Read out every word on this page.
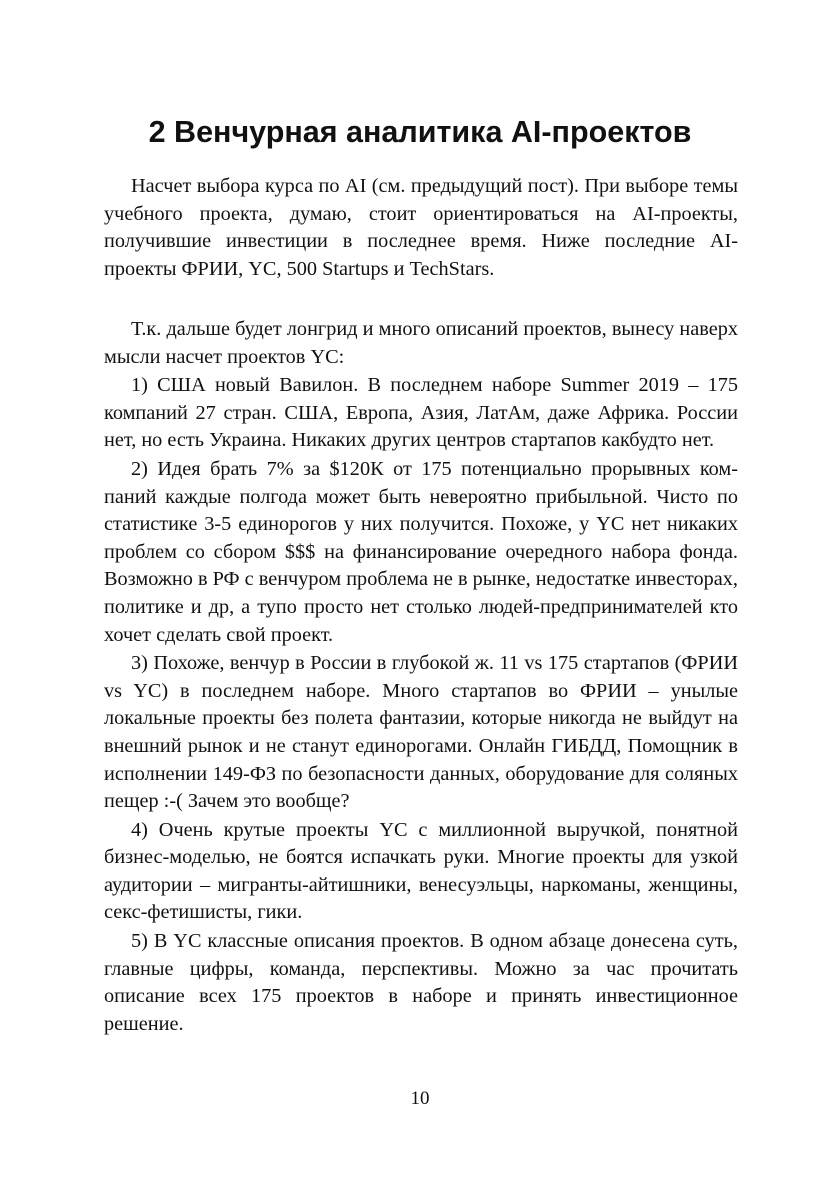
2 Венчурная аналитика AI-проектов

Насчет выбора курса по AI (см. предыдущий пост). При выборе темы учебного проекта, думаю, стоит ориентироваться на AI-проекты, получившие инвестиции в последнее время. Ниже последние AI-проекты ФРИИ, YC, 500 Startups и TechStars.

Т.к. дальше будет лонгрид и много описаний проектов, вынесу наверх мысли насчет проектов YC:

1) США новый Вавилон. В последнем наборе Summer 2019 – 175 компаний 27 стран. США, Европа, Азия, ЛатАм, даже Африка. России нет, но есть Украина. Никаких других центров стартапов какбудто нет.

2) Идея брать 7% за $120К от 175 потенциально прорывных компаний каждые полгода может быть невероятно прибыльной. Чисто по статистике 3-5 единорогов у них получится. Похоже, у YC нет никаких проблем со сбором $$$ на финансирование очередного набора фонда. Возможно в РФ с венчуром проблема не в рынке, недостатке инвесторах, политике и др, а тупо просто нет столько людей-предпринимателей кто хочет сделать свой проект.

3) Похоже, венчур в России в глубокой ж. 11 vs 175 стартапов (ФРИИ vs YC) в последнем наборе. Много стартапов во ФРИИ – унылые локальные проекты без полета фантазии, которые никогда не выйдут на внешний рынок и не станут единорогами. Онлайн ГИБДД, Помощник в исполнении 149-ФЗ по безопасности данных, оборудование для соляных пещер :-( Зачем это вообще?

4) Очень крутые проекты YC с миллионной выручкой, понятной бизнес-моделью, не боятся испачкать руки. Многие проекты для узкой аудитории – мигранты-айтишники, венесуэльцы, наркоманы, женщины, секс-фетишисты, гики.

5) В YC классные описания проектов. В одном абзаце донесена суть, главные цифры, команда, перспективы. Можно за час прочитать описание всех 175 проектов в наборе и принять инвестиционное решение.

10
